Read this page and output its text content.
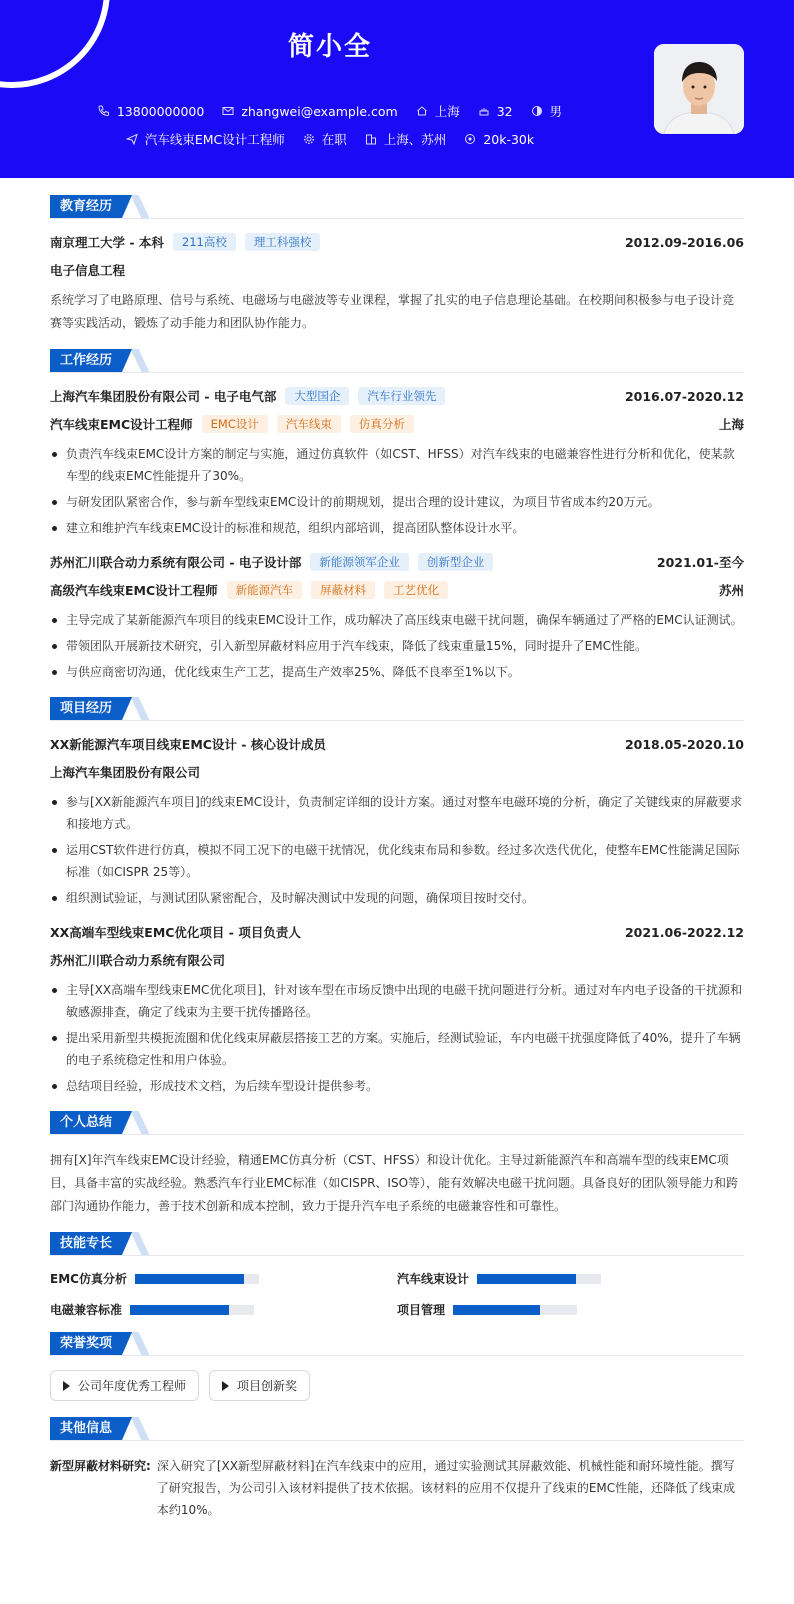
简小全
13800000000	zhangwei@example.com	上海	32	男
汽车线束EMC设计工程师	在职	上海、苏州	20k-30k
教育经历
南京理工大学 - 本科	211高校	理工科强校	2012.09-2016.06
电子信息工程
系统学习了电路原理、信号与系统、电磁场与电磁波等专业课程，掌握了扎实的电子信息理论基础。在校期间积极参与电子设计竞赛等实践活动，锻炼了动手能力和团队协作能力。
工作经历
上海汽车集团股份有限公司 - 电子电气部	大型国企	汽车行业领先	2016.07-2020.12
汽车线束EMC设计工程师	EMC设计	汽车线束	仿真分析	上海
负责汽车线束EMC设计方案的制定与实施，通过仿真软件（如CST、HFSS）对汽车线束的电磁兼容性进行分析和优化，使某款车型的线束EMC性能提升了30%。
与研发团队紧密合作，参与新车型线束EMC设计的前期规划，提出合理的设计建议，为项目节省成本约20万元。
建立和维护汽车线束EMC设计的标准和规范，组织内部培训，提高团队整体设计水平。
苏州汇川联合动力系统有限公司 - 电子设计部	新能源领军企业	创新型企业	2021.01-至今
高级汽车线束EMC设计工程师	新能源汽车	屏蔽材料	工艺优化	苏州
主导完成了某新能源汽车项目的线束EMC设计工作，成功解决了高压线束电磁干扰问题，确保车辆通过了严格的EMC认证测试。
带领团队开展新技术研究，引入新型屏蔽材料应用于汽车线束，降低了线束重量15%，同时提升了EMC性能。
与供应商密切沟通，优化线束生产工艺，提高生产效率25%、降低不良率至1%以下。
项目经历
XX新能源汽车项目线束EMC设计 - 核心设计成员	2018.05-2020.10
上海汽车集团股份有限公司
参与[XX新能源汽车项目]的线束EMC设计，负责制定详细的设计方案。通过对整车电磁环境的分析，确定了关键线束的屏蔽要求和接地方式。
运用CST软件进行仿真，模拟不同工况下的电磁干扰情况，优化线束布局和参数。经过多次迭代优化，使整车EMC性能满足国际标准（如CISPR 25等）。
组织测试验证，与测试团队紧密配合，及时解决测试中发现的问题，确保项目按时交付。
XX高端车型线束EMC优化项目 - 项目负责人	2021.06-2022.12
苏州汇川联合动力系统有限公司
主导[XX高端车型线束EMC优化项目]，针对该车型在市场反馈中出现的电磁干扰问题进行分析。通过对车内电子设备的干扰源和敏感源排查，确定了线束为主要干扰传播路径。
提出采用新型共模扼流圈和优化线束屏蔽层搭接工艺的方案。实施后，经测试验证，车内电磁干扰强度降低了40%，提升了车辆的电子系统稳定性和用户体验。
总结项目经验，形成技术文档，为后续车型设计提供参考。
个人总结
拥有[X]年汽车线束EMC设计经验，精通EMC仿真分析（CST、HFSS）和设计优化。主导过新能源汽车和高端车型的线束EMC项目，具备丰富的实战经验。熟悉汽车行业EMC标准（如CISPR、ISO等），能有效解决电磁干扰问题。具备良好的团队领导能力和跨部门沟通协作能力，善于技术创新和成本控制，致力于提升汽车电子系统的电磁兼容性和可靠性。
技能专长
EMC仿真分析	汽车线束设计
电磁兼容标准	项目管理
荣誉奖项
公司年度优秀工程师	项目创新奖
其他信息
新型屏蔽材料研究: 深入研究了[XX新型屏蔽材料]在汽车线束中的应用，通过实验测试其屏蔽效能、机械性能和耐环境性能。撰写了研究报告，为公司引入该材料提供了技术依据。该材料的应用不仅提升了线束的EMC性能，还降低了线束成本约10%。
